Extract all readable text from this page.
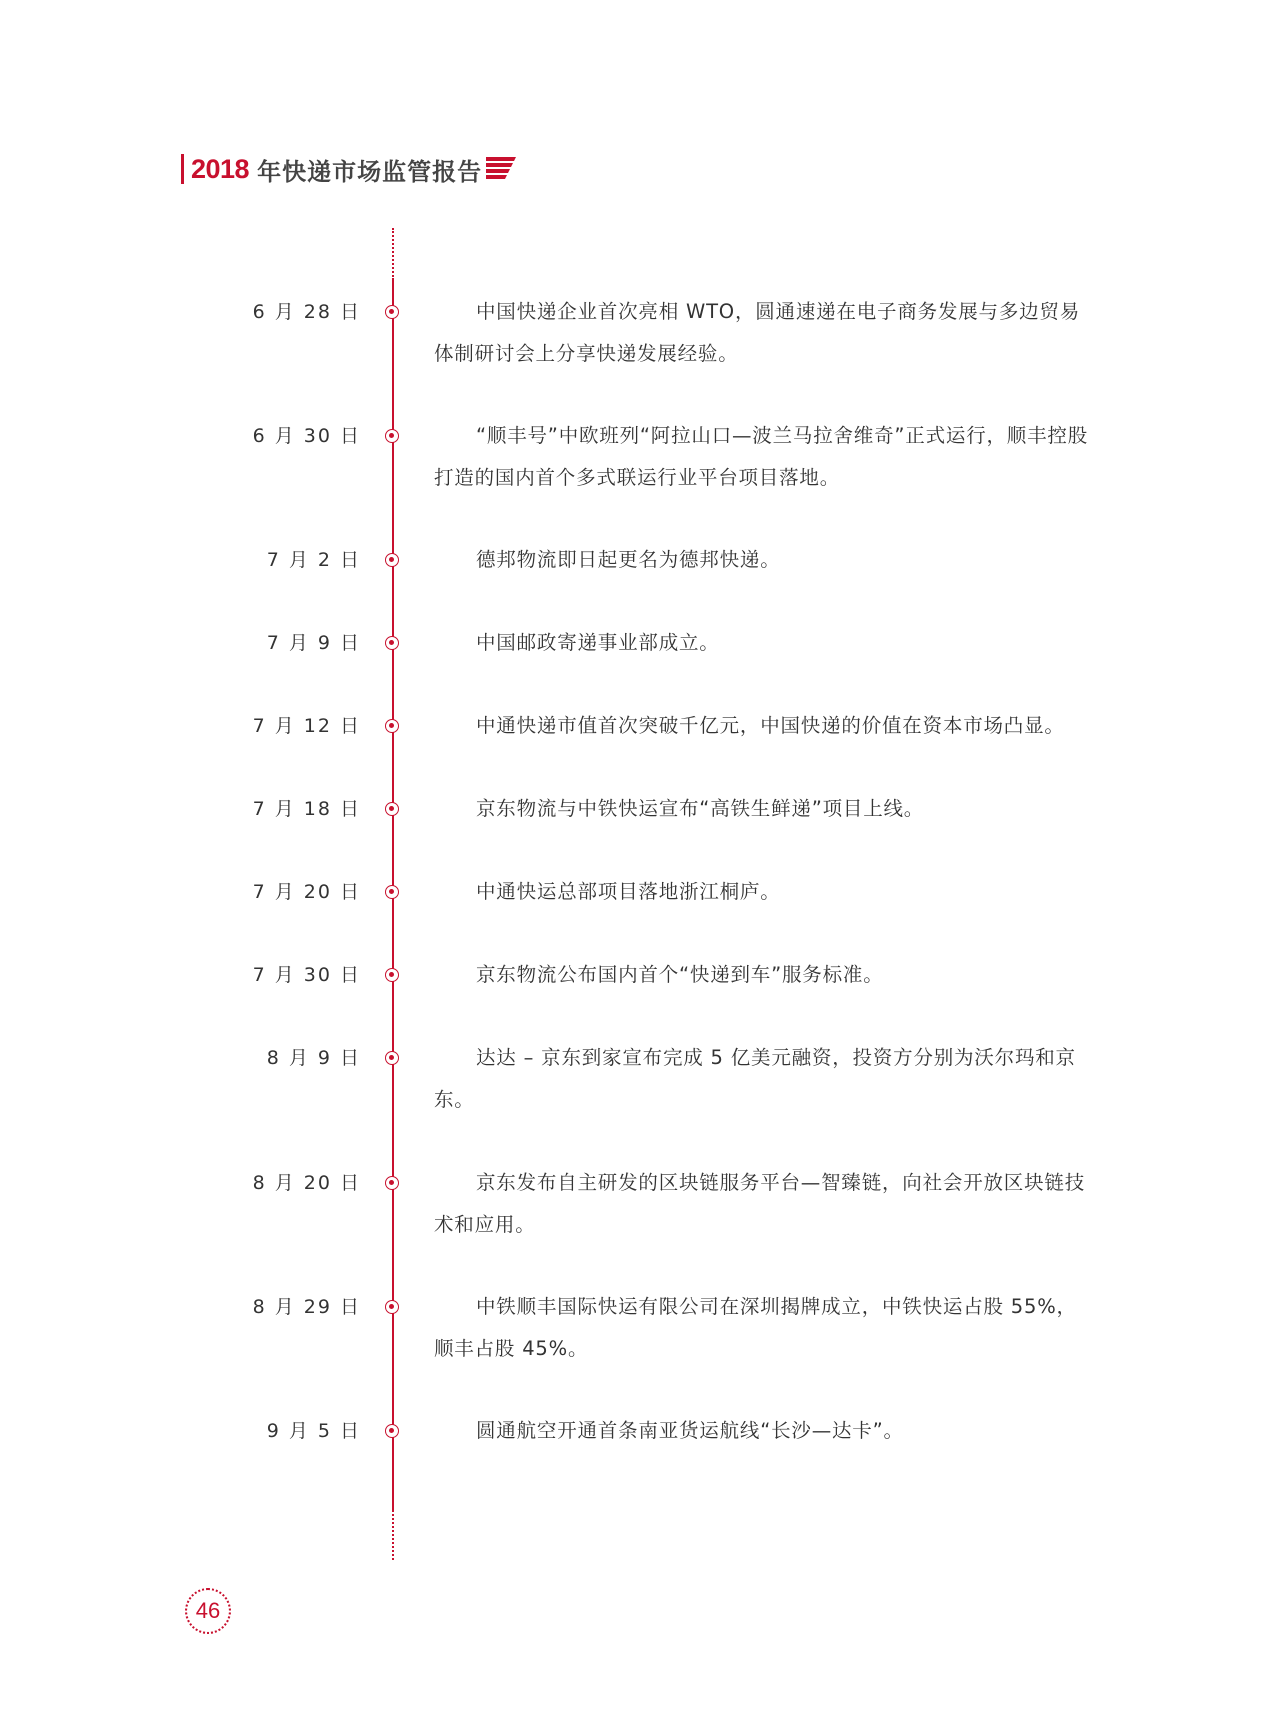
2018 年快递市场监管报告
6 月 28 日	中国快递企业首次亮相 WTO，圆通速递在电子商务发展与多边贸易体制研讨会上分享快递发展经验。
6 月 30 日	“顺丰号”中欧班列“阿拉山口—波兰马拉舍维奇”正式运行，顺丰控股打造的国内首个多式联运行业平台项目落地。
7 月 2 日	德邦物流即日起更名为德邦快递。
7 月 9 日	中国邮政寄递事业部成立。
7 月 12 日	中通快递市值首次突破千亿元，中国快递的价值在资本市场凸显。
7 月 18 日	京东物流与中铁快运宣布“高铁生鲜递”项目上线。
7 月 20 日	中通快运总部项目落地浙江桐庐。
7 月 30 日	京东物流公布国内首个“快递到车”服务标准。
8 月 9 日	达达 – 京东到家宣布完成 5 亿美元融资，投资方分别为沃尔玛和京东。
8 月 20 日	京东发布自主研发的区块链服务平台—智臻链，向社会开放区块链技术和应用。
8 月 29 日	中铁顺丰国际快运有限公司在深圳揭牌成立，中铁快运占股 55%，顺丰占股 45%。
9 月 5 日	圆通航空开通首条南亚货运航线“长沙—达卡”。
46
